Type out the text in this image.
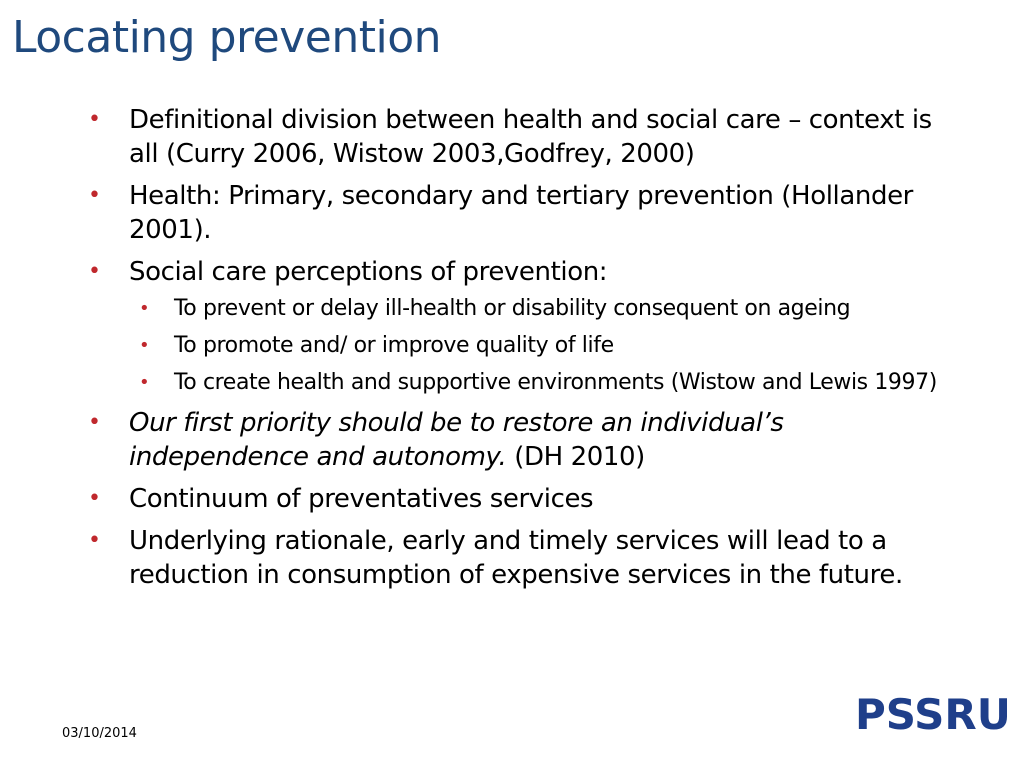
Locating prevention
• Definitional division between health and social care – context is all (Curry 2006, Wistow 2003,Godfrey, 2000)
• Health: Primary, secondary and tertiary prevention (Hollander 2001).
• Social care perceptions of prevention:
• To prevent or delay ill-health or disability consequent on ageing
• To promote and/ or improve quality of life
• To create health and supportive environments (Wistow and Lewis 1997)
• Our first priority should be to restore an individual’s independence and autonomy. (DH 2010)
• Continuum of preventatives services
• Underlying rationale, early and timely services will lead to a reduction in consumption of expensive services in the future.
03/10/2014	PSSRU
